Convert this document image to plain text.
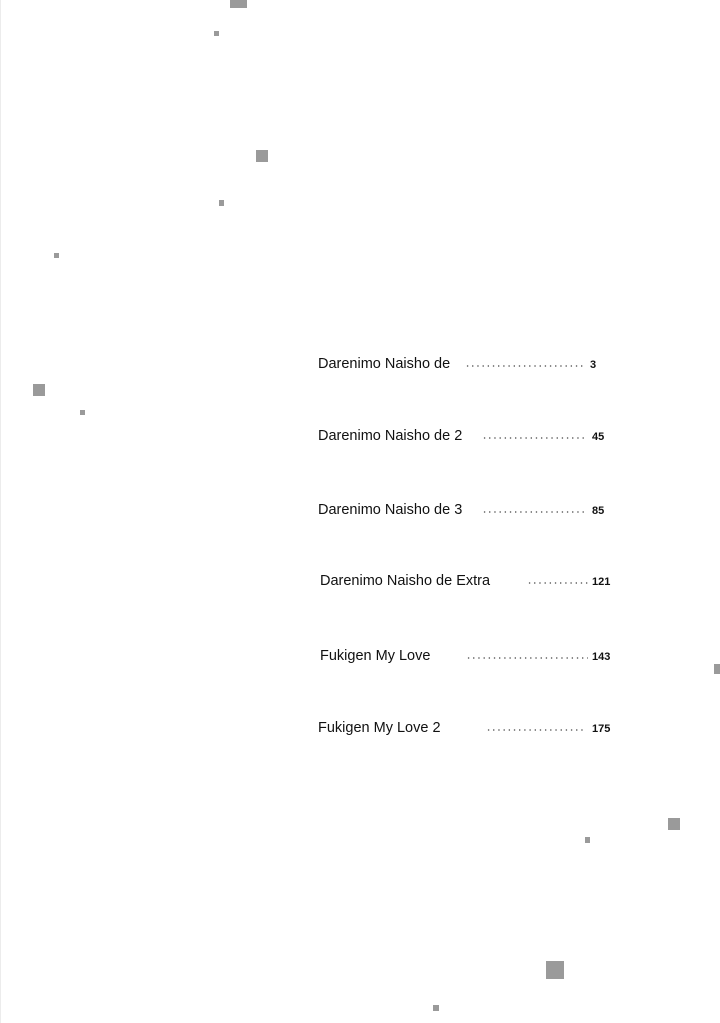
Darenimo Naisho de	3
Darenimo Naisho de 2	45
Darenimo Naisho de 3	85
Darenimo Naisho de Extra	121
Fukigen My Love	143
Fukigen My Love 2	175
